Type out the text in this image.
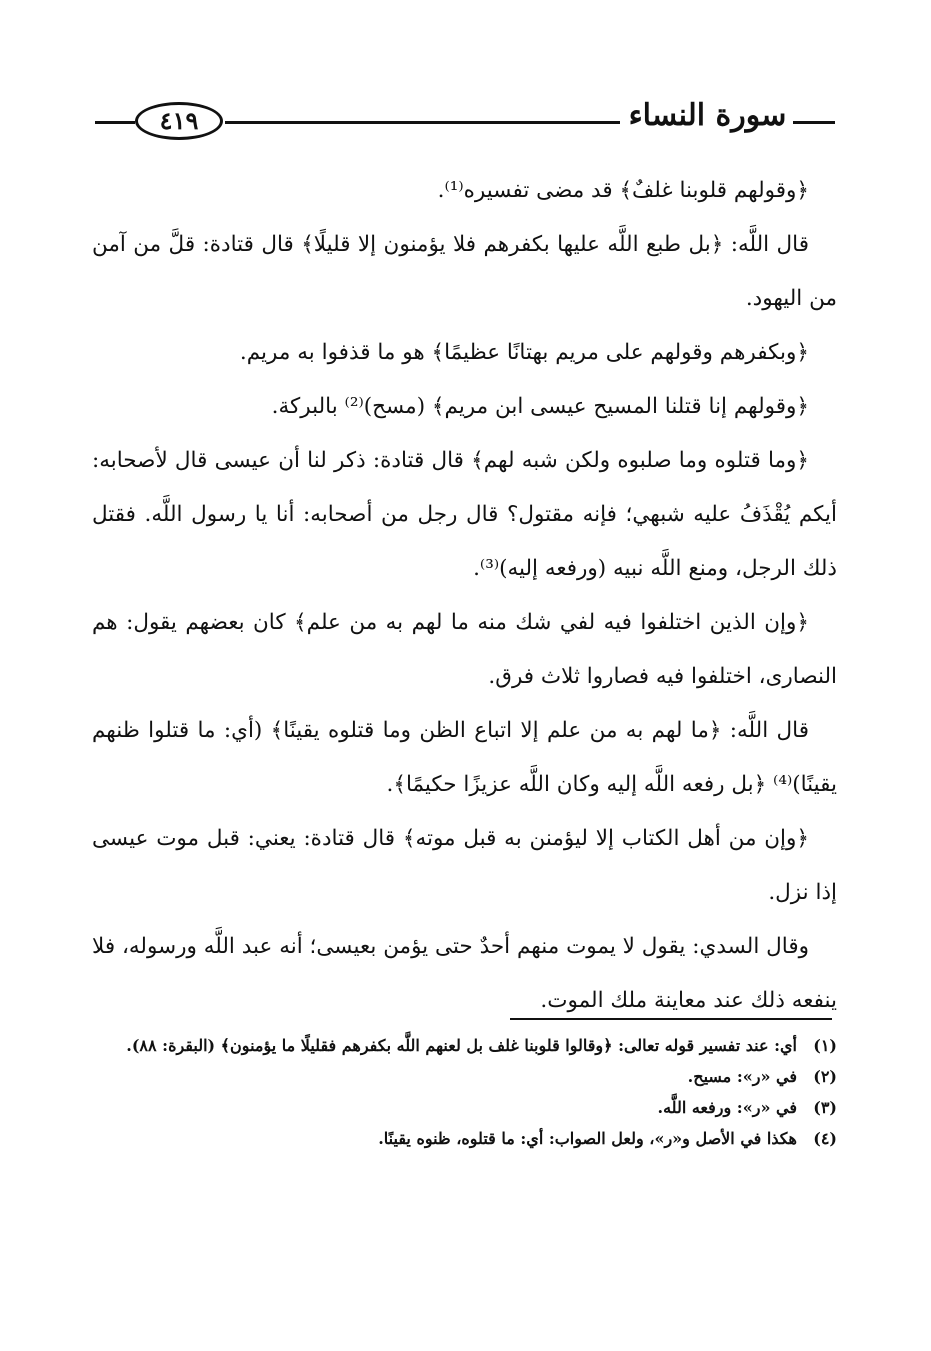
٤١٩	سورة النساء

﴿وقولهم قلوبنا غلفٌ﴾ قد مضى تفسيره⁽¹⁾.

قال اللَّه: ﴿بل طبع اللَّه عليها بكفرهم فلا يؤمنون إلا قليلًا﴾ قال قتادة: قلَّ من آمن من اليهود.

﴿وبكفرهم وقولهم على مريم بهتانًا عظيمًا﴾ هو ما قذفوا به مريم.

﴿وقولهم إنا قتلنا المسيح عيسى ابن مريم﴾ (مسح)⁽²⁾ بالبركة.

﴿وما قتلوه وما صلبوه ولكن شبه لهم﴾ قال قتادة: ذكر لنا أن عيسى قال لأصحابه: أيكم يُقْذَفُ عليه شبهي؛ فإنه مقتول؟ قال رجل من أصحابه: أنا يا رسول اللَّه. فقتل ذلك الرجل، ومنع اللَّه نبيه (ورفعه إليه)⁽³⁾.

﴿وإن الذين اختلفوا فيه لفي شك منه ما لهم به من علم﴾ كان بعضهم يقول: هم النصارى، اختلفوا فيه فصاروا ثلاث فرق.

قال اللَّه: ﴿ما لهم به من علم إلا اتباع الظن وما قتلوه يقينًا﴾ (أي: ما قتلوا ظنهم يقينًا)⁽⁴⁾ ﴿بل رفعه اللَّه إليه وكان اللَّه عزيزًا حكيمًا﴾.

﴿وإن من أهل الكتاب إلا ليؤمنن به قبل موته﴾ قال قتادة: يعني: قبل موت عيسى إذا نزل.

وقال السدي: يقول لا يموت منهم أحدٌ حتى يؤمن بعيسى؛ أنه عبد اللَّه ورسوله، فلا ينفعه ذلك عند معاينة ملك الموت.

(١)أي: عند تفسير قوله تعالى: ﴿وقالوا قلوبنا غلف بل لعنهم اللَّه بكفرهم فقليلًا ما يؤمنون﴾ (البقرة: ٨٨).

(٢)في «ر»: مسيح.

(٣)في «ر»: ورفعه اللَّه.

(٤)هكذا في الأصل و«ر»، ولعل الصواب: أي: ما قتلوه، ظنوه يقينًا.
